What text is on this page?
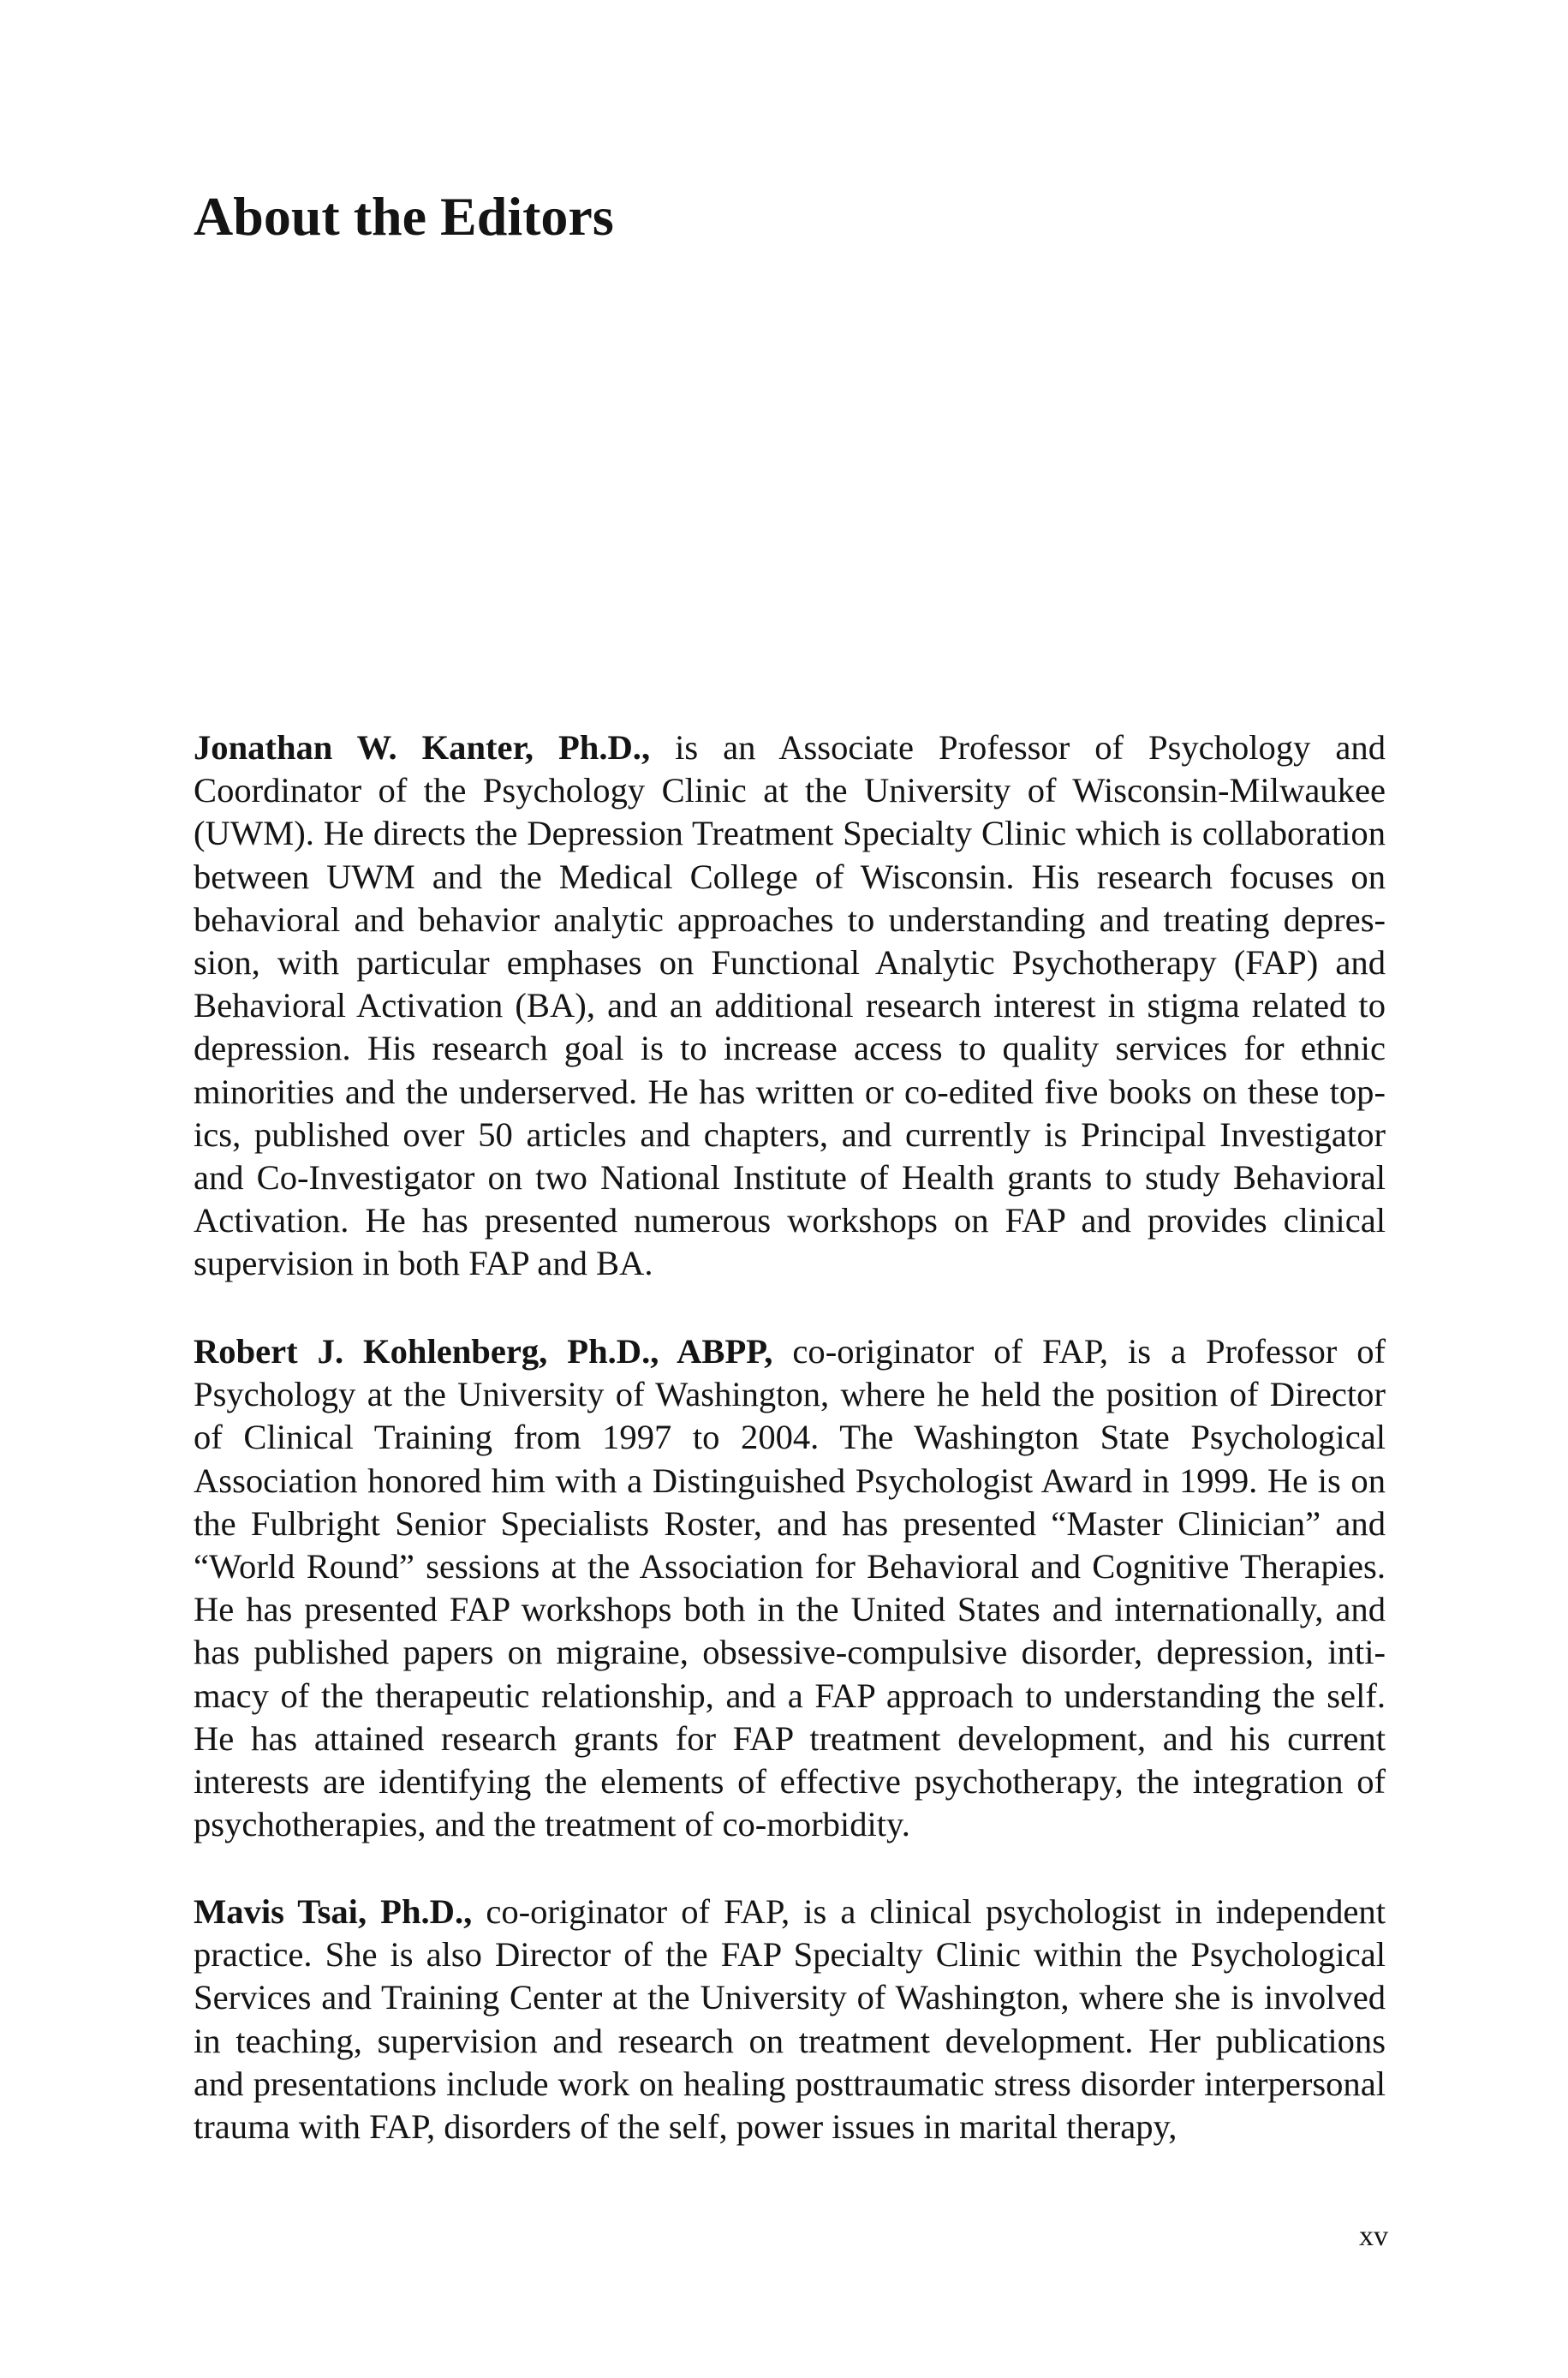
About the Editors

Jonathan W. Kanter, Ph.D., is an Associate Professor of Psychology and Coordinator of the Psychology Clinic at the University of Wisconsin-Milwaukee (UWM). He directs the Depression Treatment Specialty Clinic which is collaboration between UWM and the Medical College of Wisconsin. His research focuses on behavioral and behavior analytic approaches to understanding and treating depression, with particular emphases on Functional Analytic Psychotherapy (FAP) and Behavioral Activation (BA), and an additional research interest in stigma related to depression. His research goal is to increase access to quality services for ethnic minorities and the underserved. He has written or co-edited five books on these topics, published over 50 articles and chapters, and currently is Principal Investigator and Co-Investigator on two National Institute of Health grants to study Behavioral Activation. He has presented numerous workshops on FAP and provides clinical supervision in both FAP and BA.

Robert J. Kohlenberg, Ph.D., ABPP, co-originator of FAP, is a Professor of Psychology at the University of Washington, where he held the position of Director of Clinical Training from 1997 to 2004. The Washington State Psychological Association honored him with a Distinguished Psychologist Award in 1999. He is on the Fulbright Senior Specialists Roster, and has presented “Master Clinician” and “World Round” sessions at the Association for Behavioral and Cognitive Therapies. He has presented FAP workshops both in the United States and internationally, and has published papers on migraine, obsessive-compulsive disorder, depression, intimacy of the therapeutic relationship, and a FAP approach to understanding the self. He has attained research grants for FAP treatment development, and his current interests are identifying the elements of effective psychotherapy, the integration of psychotherapies, and the treatment of co-morbidity.

Mavis Tsai, Ph.D., co-originator of FAP, is a clinical psychologist in independent practice. She is also Director of the FAP Specialty Clinic within the Psychological Services and Training Center at the University of Washington, where she is involved in teaching, supervision and research on treatment development. Her publications and presentations include work on healing posttraumatic stress disorder interpersonal trauma with FAP, disorders of the self, power issues in marital therapy,

xv
